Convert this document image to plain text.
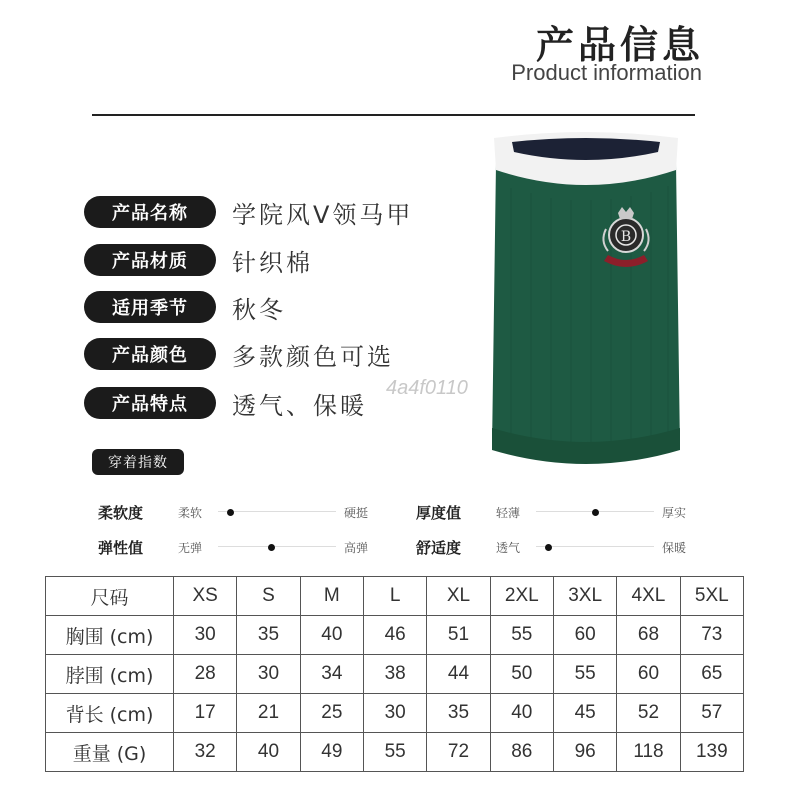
产品信息
Product information
产品名称	学院风V领马甲
产品材质	针织棉
适用季节	秋冬
产品颜色	多款颜色可选
产品特点	透气、保暖
4a4f0110
B
穿着指数
柔软度	柔软	硬挺	厚度值	轻薄	厚实
弹性值	无弹	高弹	舒适度	透气	保暖
尺码	XS	S	M	L	XL	2XL	3XL	4XL	5XL
胸围 (cm)	30	35	40	46	51	55	60	68	73
脖围 (cm)	28	30	34	38	44	50	55	60	65
背长 (cm)	17	21	25	30	35	40	45	52	57
重量 (G)	32	40	49	55	72	86	96	118	139
